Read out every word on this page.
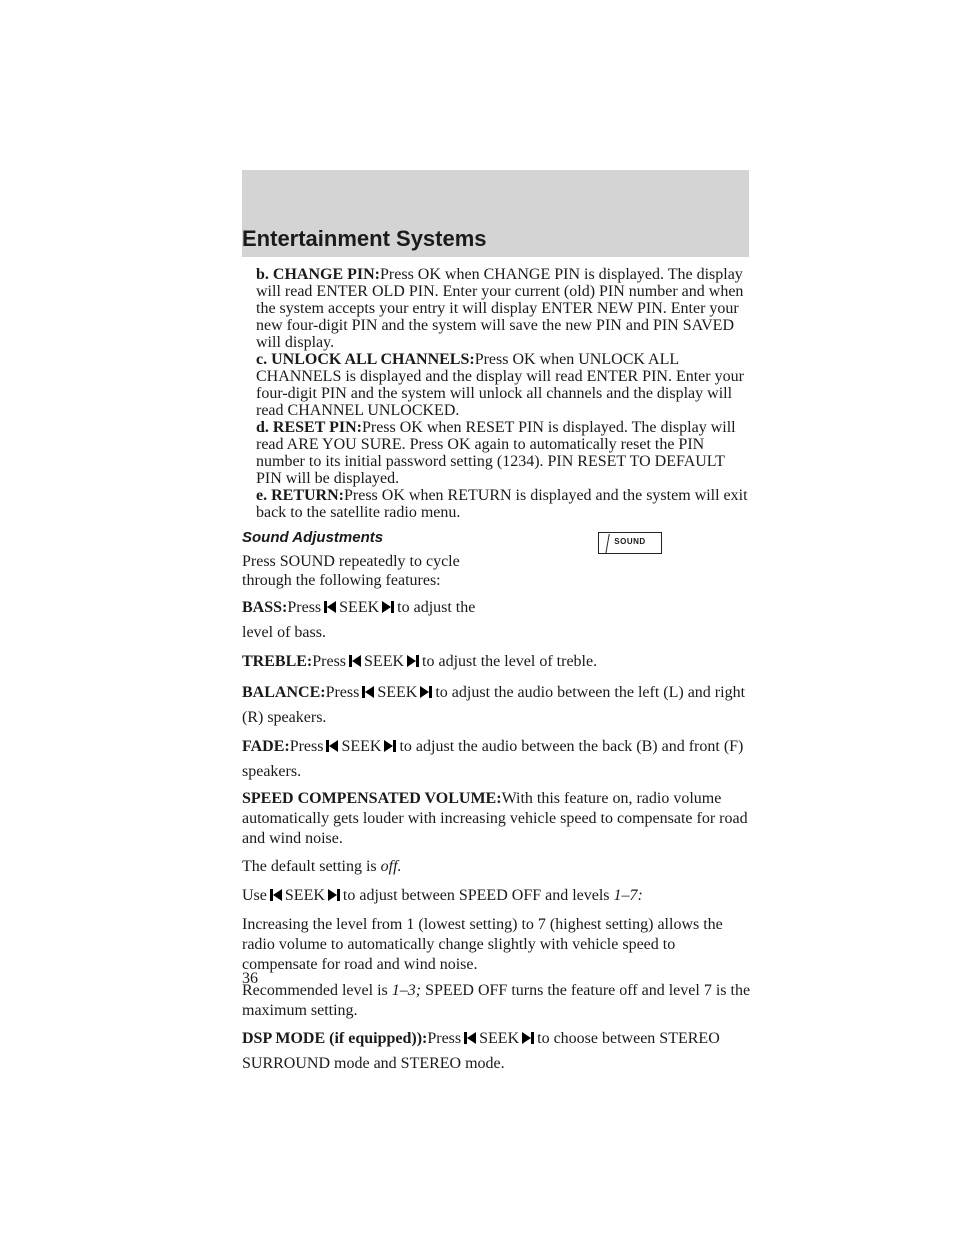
Entertainment Systems

b. CHANGE PIN:Press OK when CHANGE PIN is displayed. The display will read ENTER OLD PIN. Enter your current (old) PIN number and when the system accepts your entry it will display ENTER NEW PIN. Enter your new four-digit PIN and the system will save the new PIN and PIN SAVED will display.

c. UNLOCK ALL CHANNELS:Press OK when UNLOCK ALL CHANNELS is displayed and the display will read ENTER PIN. Enter your four-digit PIN and the system will unlock all channels and the display will read CHANNEL UNLOCKED.

d. RESET PIN:Press OK when RESET PIN is displayed. The display will read ARE YOU SURE. Press OK again to automatically reset the PIN number to its initial password setting (1234). PIN RESET TO DEFAULT PIN will be displayed.

e. RETURN:Press OK when RETURN is displayed and the system will exit back to the satellite radio menu.

Sound Adjustments

Press SOUND repeatedly to cycle through the following features:

BASS:Press SEEK to adjust the level of bass.

TREBLE:Press SEEK to adjust the level of treble.

BALANCE:Press SEEK to adjust the audio between the left (L) and right (R) speakers.

FADE:Press SEEK to adjust the audio between the back (B) and front (F) speakers.

SPEED COMPENSATED VOLUME:With this feature on, radio volume automatically gets louder with increasing vehicle speed to compensate for road and wind noise.

The default setting is off.

Use SEEK to adjust between SPEED OFF and levels 1–7:

Increasing the level from 1 (lowest setting) to 7 (highest setting) allows the radio volume to automatically change slightly with vehicle speed to compensate for road and wind noise.

Recommended level is 1–3; SPEED OFF turns the feature off and level 7 is the maximum setting.

DSP MODE (if equipped)):Press SEEK to choose between STEREO SURROUND mode and STEREO mode.

SOUND
36
